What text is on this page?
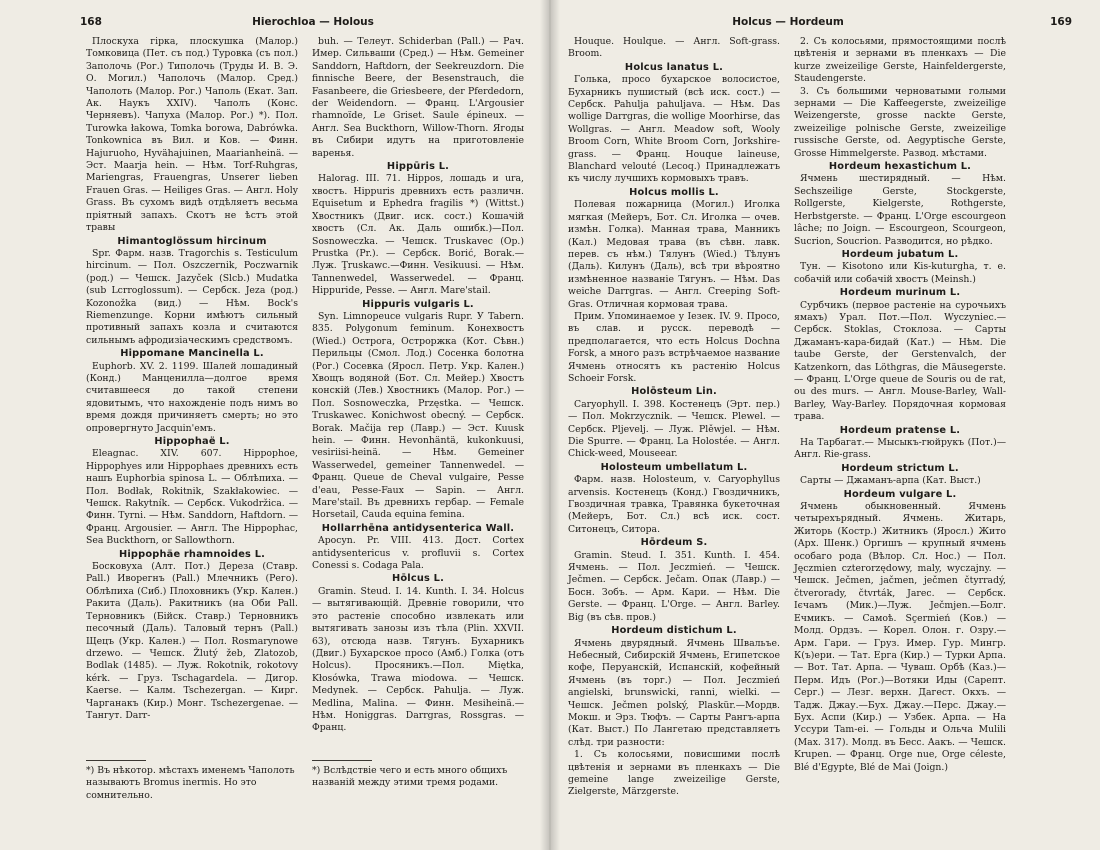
168	Hierochloa — Holous

Плоскуха гірка, плоскушка (Малор.) Томковица (Пет. съ под.) Туровка (съ пол.) Заполочь (Рог.) Типолочь (Труды И. В. Э. О. Могил.) Чаполочь (Малор. Сред.) Чаполоть (Малор. Рог.) Чаполь (Екат. Зап. Ак. Наукъ XXIV). Чаполъ (Конс. Черняевъ). Чапуха (Малор. Рог.) *). Пол. Turowka łakowa, Tomka borowa, Dabrówka. Tonkownica въ Вил. и Ков. — Финн. Hajuruoho, Hyvähajuinen, Maarianheinä. — Эст. Maarja hein. — Нѣм. Torf-Ruhgras, Mariengras, Frauengras, Unserer lieben Frauen Gras. — Heiliges Gras. — Англ. Holy Grass. Въ сухомъ видѣ отдѣляетъ весьма пріятный запахъ. Скотъ не ѣстъ этой травы

Himantoglössum hircinum

Spr. Фарм. назв. Tragorchis s. Testiculum hircinum. — Пол. Oszczernik, Poczwarnik (род.) — Чешск. Jazyček (Slcb.) Mudatka (sub Lcrroglossum). — Сербск. Jeza (род.) Kozonožka (вид.) — Нѣм. Bock's Riemenzunge. Корни имѣютъ сильный противный запахъ козла и считаются сильнымъ афродизіаческимъ средствомъ.

Hippomane Mancinella L.

Euphorb. XV. 2. 1199. Шалей лошадиный (Конд.) Манценилла—долгое время считавшееся до такой степени ядовитымъ, что нахожденіе подъ нимъ во время дождя причиняетъ смерть; но это опровергнуто Jacquin'емъ.

Hippophaë L.

Eleagnac. XIV. 607. Hippophoe, Hippophyes или Hippophaes древнихъ есть нашъ Euphorbia spinosa L. — Облѣпиха. — Пол. Bodłak, Rokitnik, Szakłakowiec. — Чешск. Rakytník. — Сербск. Vukodržica. — Финн. Tyrni. — Нѣм. Sanddorn, Haftdorn. — Франц. Argousier. — Англ. The Hippophac, Sea Buckthorn, or Sallowthorn.

Hippophäe rhamnoides L.

Босковуха (Алт. Пот.) Дереза (Ставр. Pall.) Иворегнъ (Pall.) Млечникъ (Рего). Облѣпиха (Сиб.) Плоховникъ (Укр. Кален.) Ракита (Даль). Ракитникъ (на Оби Pall. Терновникъ (Бійск. Ставр.) Терновникъ песочный (Даль). Таловый тернъ (Pall.) Щецъ (Укр. Кален.) — Пол. Rosmarynowe drzewo. — Чешск. Žlutý žeb, Zlatozob, Bodlak (1485). — Луж. Rokotnik, rokotovy kérk. — Груз. Tschagardela. — Дигор. Kaerse. — Калм. Tschezergan. — Кирг. Чарганакъ (Кир.) Монг. Tschezergenae. — Тангут. Darr-

buh. — Телеут. Schiderban (Pall.) — Рач. Имер. Сильваши (Сред.) — Нѣм. Gemeiner Sanddorn, Haftdorn, der Seekreuzdorn. Die finnische Beere, der Besenstrauch, die Fasanbeere, die Griesbeere, der Pferdedorn, der Weidendorn. — Франц. L'Argousier rhamnoïde, Le Griset. Saule épineux. — Англ. Sea Buckthorn, Willow-Thorn. Ягоды въ Сибири идутъ на приготовленіе варенья.

Hippūris L.

Halorag. III. 71. Hippos, лошадь и ura, хвостъ. Hippuris древнихъ есть различн. Equisetum и Ephedra fragilis *) (Wittst.) Хвостникъ (Двиг. иск. сост.) Кошачій хвостъ (Сл. Ак. Даль ошибк.)—Пол. Sosnoweczka. — Чешск. Truskavec (Op.) Prustka (Pr.). — Сербск. Borić, Borak.—Луж. Ţruskawc.—Финн. Vesikuusi. — Нѣм. Tannenwedel, Wasserwedel. — Франц. Hippuride, Pesse. — Англ. Mare'stail.

Hippuris vulgaris L.

Syn. Limnopeuce vulgaris Rupr. У Tabern. 835. Polygonum feminum. Конехвостъ (Wied.) Острога, Остроржка (Кот. Сѣвн.) Перильцы (Смол. Лод.) Сосенка болотна (Рог.) Сосевка (Яросл. Петр. Укр. Кален.) Хвощъ водяной (Бот. Сл. Мейер.) Хвостъ конскій (Лев.) Хвостникъ (Малор. Рог.) — Пол. Sosnoweczka, Przęstka. — Чешск. Truskawec. Konichwost obecný. — Сербск. Borak. Mačija rep (Лавр.) — Эст. Kuusk hein. — Финн. Hevonhäntä, kukonkuusi, vesiriisi-heinä. — Нѣм. Gemeiner Wasserwedel, gemeiner Tannenwedel. — Франц. Queue de Cheval vulgaire, Pesse d'eau, Pesse-Faux — Sapin. — Англ. Mare'stail. Въ древнихъ гербар. — Female Horsetail, Cauda equina femina.

Hollarrhēna antidysenterica Wall.

Apocyn. Pr. VIII. 413. Дост. Cortex antidysentericus v. profluvii s. Cortex Conessi s. Codaga Pala.

Hōlcus L.

Gramin. Steud. I. 14. Kunth. I. 34. Holcus — вытягивающій. Древніе говорили, что это растеніе способно извлекать или вытягивать занозы изъ тѣла (Plin. XXVII. 63), отсюда назв. Тягунъ. Бухарникъ (Двиг.) Бухарское просо (Амб.) Голка (отъ Holcus). Просяникъ.—Пол. Miętka, Kłosówka, Trawa miodowa. — Чешск. Medynek. — Сербск. Pahulja. — Луж. Medlina, Malina. — Финн. Mesiheinä.—Нѣм. Honiggras. Darrgras, Rossgras. — Франц.

*) Въ нѣкотор. мѣстахъ именемъ Чаполоть называютъ Bromus inermis. Но это сомнительно.
*) Вслѣдствіе чего и есть много общихъ названій между этими тремя родами.
Holcus — Hordeum	169

Houque. Houlque. — Англ. Soft-grass. Broom.

Holcus lanatus L.

Голька, просо бухарское волосистое, Бухарникъ пушистый (всѣ иск. сост.) — Сербск. Pahulja pahuljava. — Нѣм. Das wollige Darrgras, die wollige Moorhirse, das Wollgras. — Англ. Meadow soft, Wooly Broom Corn, White Broom Corn, Jorkshire-grass. — Франц. Houque laineuse, Blanchard velouté (Lecoq.) Принадлежатъ къ числу лучшихъ кормовыхъ травъ.

Holcus mollis L.

Полевая пожарница (Могил.) Иголка мягкая (Мейеръ, Бот. Сл. Иголка — очев. измѣн. Голка). Манная трава, Манникъ (Кал.) Медовая трава (въ сѣвн. лавк. перев. съ нѣм.) Тялунъ (Wied.) Тѣлунъ (Даль). Килунъ (Даль), всѣ три вѣроятно измѣненное названіе Тягунъ. — Нѣм. Das weiche Darrgras. — Англ. Creeping Soft-Gras. Отличная кормовая трава.

Прим. Упоминаемое у Iезек. IV. 9. Просо, въ слав. и русск. переводѣ — предполагается, что есть Holcus Dochna Forsk, а много разъ встрѣчаемое название Ячмень относятъ къ растенію Holcus Schoeir Forsk.

Holōsteum Lin.

Caryophyll. I. 398. Костенецъ (Эрт. пер.) — Пол. Mokrzycznik. — Чешск. Plewel. — Сербск. Pljevelj. — Луж. Plěwjel. — Нѣм. Die Spurre. — Франц. La Holostée. — Англ. Chick-weed, Mouseear.

Holosteum umbellatum L.

Фарм. назв. Holosteum, v. Caryophyllus arvensis. Костенецъ (Конд.) Гвоздичникъ, Гвоздичная травка, Травянка букеточная (Мейеръ, Бот. Сл.) всѣ иск. сост. Ситонецъ, Ситора.

Hōrdeum S.

Gramin. Steud. I. 351. Kunth. I. 454. Ячмень. — Пол. Jeczmień. — Чешск. Ječmen. — Сербск. Ječam. Опак (Лавр.) — Босн. Зобъ. — Арм. Кари. — Нѣм. Die Gerste. — Франц. L'Orge. — Англ. Barley. Big (въ сѣв. пров.)

Hordeum distichum L.

Ячмень двурядный. Ячмень Швальъе. Небесный, Сибирскій Ячмень, Египетское кофе, Перуанскій, Испанскій, кофейный Ячмень (въ торг.) — Пол. Jeczmień angielski, brunswicki, ranni, wielki. — Чешск. Ječmen polský, Plaskür.—Мордв. Мокш. и Эрз. Тюфъ. — Сарты Рангъ-арпа (Кат. Выст.) По Лангетаю представляетъ слѣд. три разности:

1. Съ колосьями, повисшими послѣ цвѣтенія и зернами въ пленкахъ — Die gemeine lange zweizeilige Gerste, Zielgerste, Märzgerste.

2. Съ колосьями, прямостоящими послѣ цвѣтенія и зернами въ пленкахъ — Die kurze zweizeilige Gerste, Hainfeldergerste, Staudengerste.

3. Съ большими черноватыми голыми зернами — Die Kaffeegerste, zweizeilige Weizengerste, grosse nackte Gerste, zweizeilige polnische Gerste, zweizeilige russische Gerste, od. Aegyptische Gerste, Grosse Himmelgerste. Развод. мѣстами.

Hordeum hexastichum L.

Ячмень шестирядный. — Нѣм. Sechszeilige Gerste, Stockgerste, Rollgerste, Kielgerste, Rothgerste, Herbstgerste. — Франц. L'Orge escourgeon lâche; по Joign. — Escourgeon, Scourgeon, Sucrion, Soucrion. Разводится, но рѣдко.

Hordeum jubatum L.

Тун. — Kisotono или Kis-kuturgha, т. е. собачій или собачій хвостъ (Meinsh.)

Hordeum murinum L.

Сурбчикъ (первое растеніе на сурочьихъ ямахъ) Урал. Пот.—Пол. Wyczyniec.—Сербск. Stoklas, Стоклоза. — Сарты Джаманъ-кара-бидай (Кат.) — Нѣм. Die taube Gerste, der Gerstenvalch, der Katzenkorn, das Löthgras, die Mäusegerste. — Франц. L'Orge queue de Souris ou de rat, ou des murs. — Англ. Mouse-Barley, Wall-Barley, Way-Barley. Порядочная кормовая трава.

Hordeum pratense L.

На Тарбагат.— Мысыкъ-гюйрукъ (Пот.)—Англ. Rie-grass.

Hordeum strictum L.

Сарты — Джаманъ-арпа (Кат. Выст.)

Hordeum vulgare L.

Ячмень обыкновенный. Ячмень четырехърядный. Ячмень. Житарь, Житорь (Костр.) Житникъ (Яросл.) Жито (Арх. Шенк.) Оргишъ — крупный ячмень особаго рода (Вѣлор. Сл. Нос.) — Пол. Jęczmien czterorzędowy, maly, wyczajny. — Чешск. Ječmen, jačmen, ječmen čtyrradý, čtverorady, čtvrták, Jarec. — Сербск. Ієчамъ (Мик.)—Луж. Ječmjen.—Болг. Ечмикъ. — Самоѣ. Sçermień (Ков.) — Молд. Ордзъ. — Корел. Олон. г. Озру.—Арм. Гари. — Груз. Имер. Гур. Мингр. К(ъ)ери. — Тат. Ерга (Кир.) — Турки Арпа. — Вот. Тат. Арпа. — Чуваш. Орбѣ (Каз.)—Перм. Идъ (Рог.)—Вотяки Иды (Сарепт. Серг.) — Лезг. верхн. Дагест. Окхъ. — Тадж. Джау.—Бух. Джау.—Перс. Джау.—Бух. Аспи (Кир.) — Узбек. Арпа. — На Уссури Tam-ei. — Гольды и Ольча Mulili (Max. 317). Молд. въ Бесс. Аакъ. — Чешск. Krupen. — Франц. Orge nue, Orge céleste, Blé d'Egypte, Blé de Mai (Joign.)
